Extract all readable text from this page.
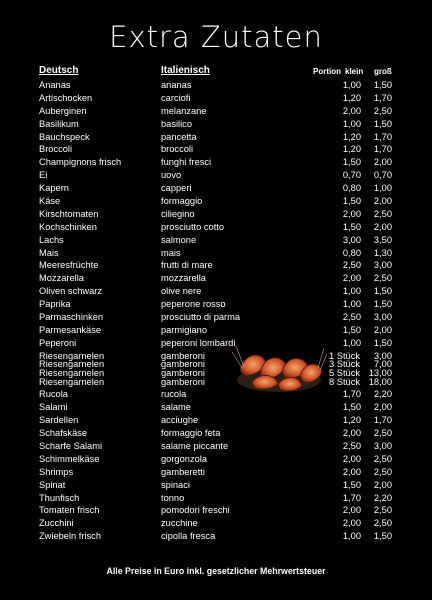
Extra Zutaten
Deutsch	Italienisch	Portion klein groß
Ananas	ananas	1,00	1,50
Artischocken	carciofi	1,20	1,70
Auberginen	melanzane	2,00	2,50
Basilikum	basilico	1,00	1,50
Bauchspeck	pancetta	1,20	1,70
Broccoli	broccoli	1,20	1,70
Champignons frisch	funghi fresci	1,50	2,00
Ei	uovo	0,70	0,70
Kapern	capperi	0,80	1,00
Käse	formaggio	1,50	2,00
Kirschtomaten	ciliegino	2,00	2,50
Kochschinken	prosciutto cotto	1,50	2,00
Lachs	salmone	3,00	3,50
Mais	mais	0,80	1,30
Meeresfrüchte	frutti di mare	2,50	3,00
Mozzarella	mozzarella	2,00	2,50
Oliven schwarz	olive nere	1,00	1,50
Paprika	peperone rosso	1,00	1,50
Parmaschinken	prosciutto di parma	2,50	3,00
Parmesankäse	parmigiano	1,50	2,00
Peperoni	peperoni lombardi	1,00	1,50
Riesengarnelen	gamberoni	1 Stück	3,00
Riesengarnelen	gamberoni	3 Stück	7,00
Riesengarnelen	gamberoni	5 Stück 13,00
Riesengarnelen	gamberoni	8 Stück 18,00
Rucola	rucola	1,70	2,20
Salami	salame	1,50	2,00
Sardellen	acciughe	1,20	1,70
Schafskäse	formaggio feta	2,00	2,50
Scharfe Salami	salame piccante	2,50	3,00
Schimmelkäse	gorgonzola	2,00	2,50
Shrimps	gamberetti	2,00	2,50
Spinat	spinaci	1,50	2,00
Thunfisch	tonno	1,70	2,20
Tomaten frisch	pomodori freschi	2,00	2,50
Zucchini	zucchine	2,00	2,50
Zwiebeln frisch	cipolla fresca	1,00	1,50
Alle Preise in Euro inkl. gesetzlicher Mehrwertsteuer
